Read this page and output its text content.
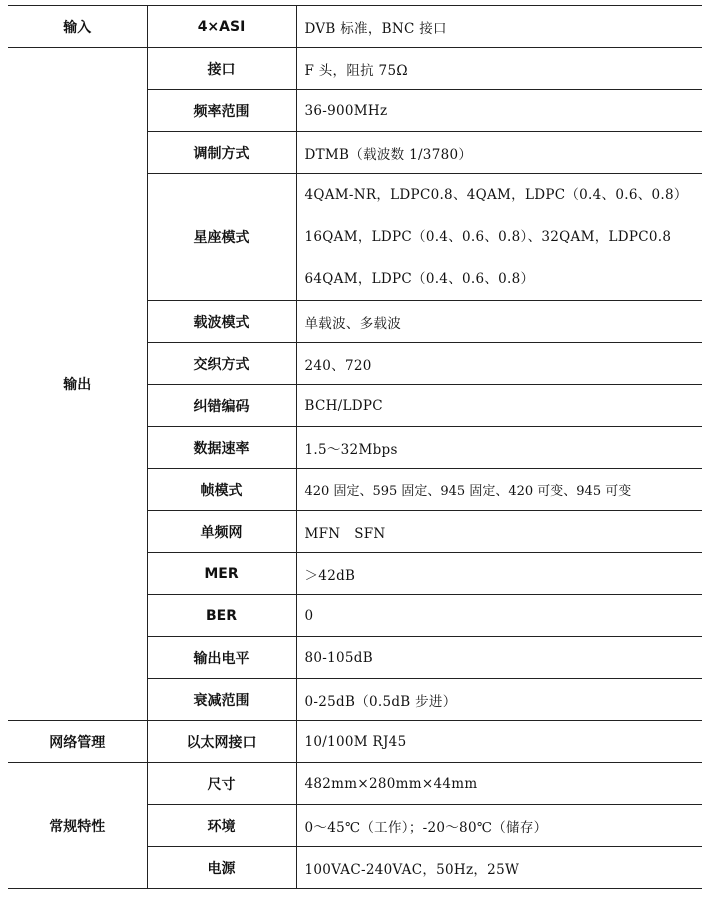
输入	4×ASI	DVB 标准，BNC 接口
输出	接口	F 头，阻抗 75Ω
	频率范围	36-900MHz
	调制方式	DTMB（载波数 1/3780）
	星座模式	4QAM-NR，LDPC0.8、4QAM，LDPC（0.4、0.6、0.8）
16QAM，LDPC（0.4、0.6、0.8）、32QAM，LDPC0.8
64QAM，LDPC（0.4、0.6、0.8）

	载波模式	单载波、多载波
	交织方式	240、720
	纠错编码	BCH/LDPC
	数据速率	1.5～32Mbps
	帧模式	420 固定、595 固定、945 固定、420 可变、945 可变
	单频网	MFN　SFN
	MER	＞42dB
	BER	0
	输出电平	80-105dB
	衰减范围	0-25dB（0.5dB 步进）
网络管理	以太网接口	10/100M RJ45
常规特性	尺寸	482mm×280mm×44mm
	环境	0～45℃（工作）；-20～80℃（储存）
	电源	100VAC-240VAC，50Hz，25W
